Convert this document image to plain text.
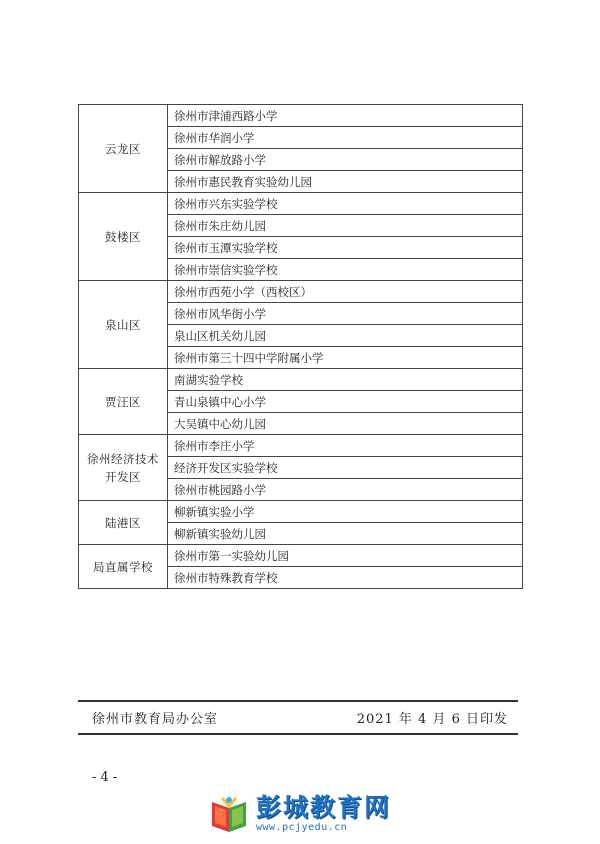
云龙区	徐州市津浦西路小学
	徐州市华润小学
	徐州市解放路小学
	徐州市惠民教育实验幼儿园
鼓楼区	徐州市兴东实验学校
	徐州市朱庄幼儿园
	徐州市玉潭实验学校
	徐州市崇信实验学校
泉山区	徐州市西苑小学（西校区）
	徐州市风华街小学
	泉山区机关幼儿园
	徐州市第三十四中学附属小学
贾汪区	南湖实验学校
	青山泉镇中心小学
	大吴镇中心幼儿园
徐州经济技术
开发区	徐州市李庄小学
	经济开发区实验学校
	徐州市桃园路小学
陆港区	柳新镇实验小学
	柳新镇实验幼儿园
局直属学校	徐州市第一实验幼儿园
	徐州市特殊教育学校
徐州市教育局办公室	2021 年 4 月 6 日印发
- 4 -
彭城教育网
www.pcjyedu.cn
